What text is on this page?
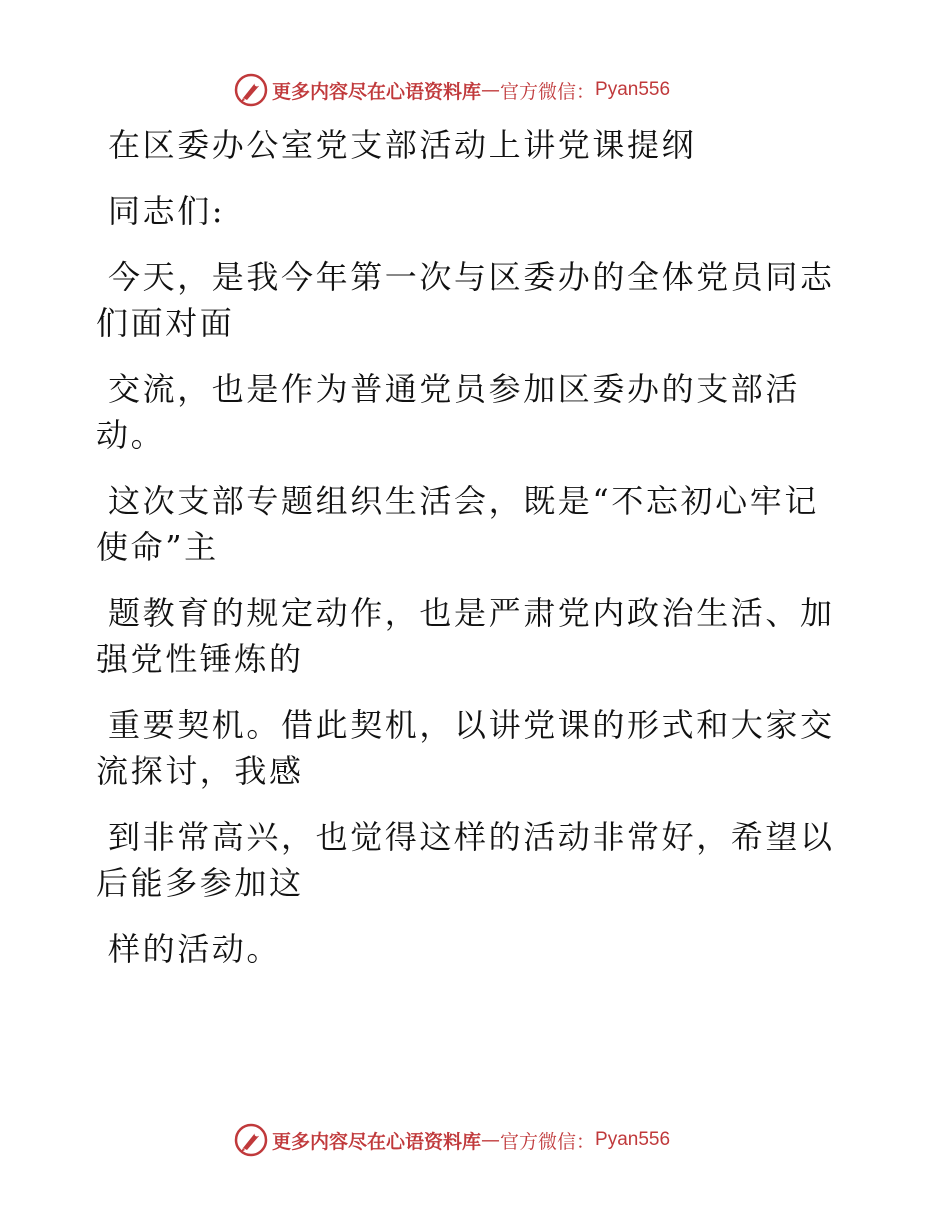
更多内容尽在心语资料库 — 官方微信： Pyan556
在区委办公室党支部活动上讲党课提纲
同志们:
今天，是我今年第一次与区委办的全体党员同志
们面对面
交流，也是作为普通党员参加区委办的支部活
动。
这次支部专题组织生活会，既是“不忘初心牢记
使命”主
题教育的规定动作，也是严肃党内政治生活、加
强党性锤炼的
重要契机。借此契机，以讲党课的形式和大家交
流探讨，我感
到非常高兴，也觉得这样的活动非常好，希望以
后能多参加这
样的活动。
更多内容尽在心语资料库 — 官方微信： Pyan556
